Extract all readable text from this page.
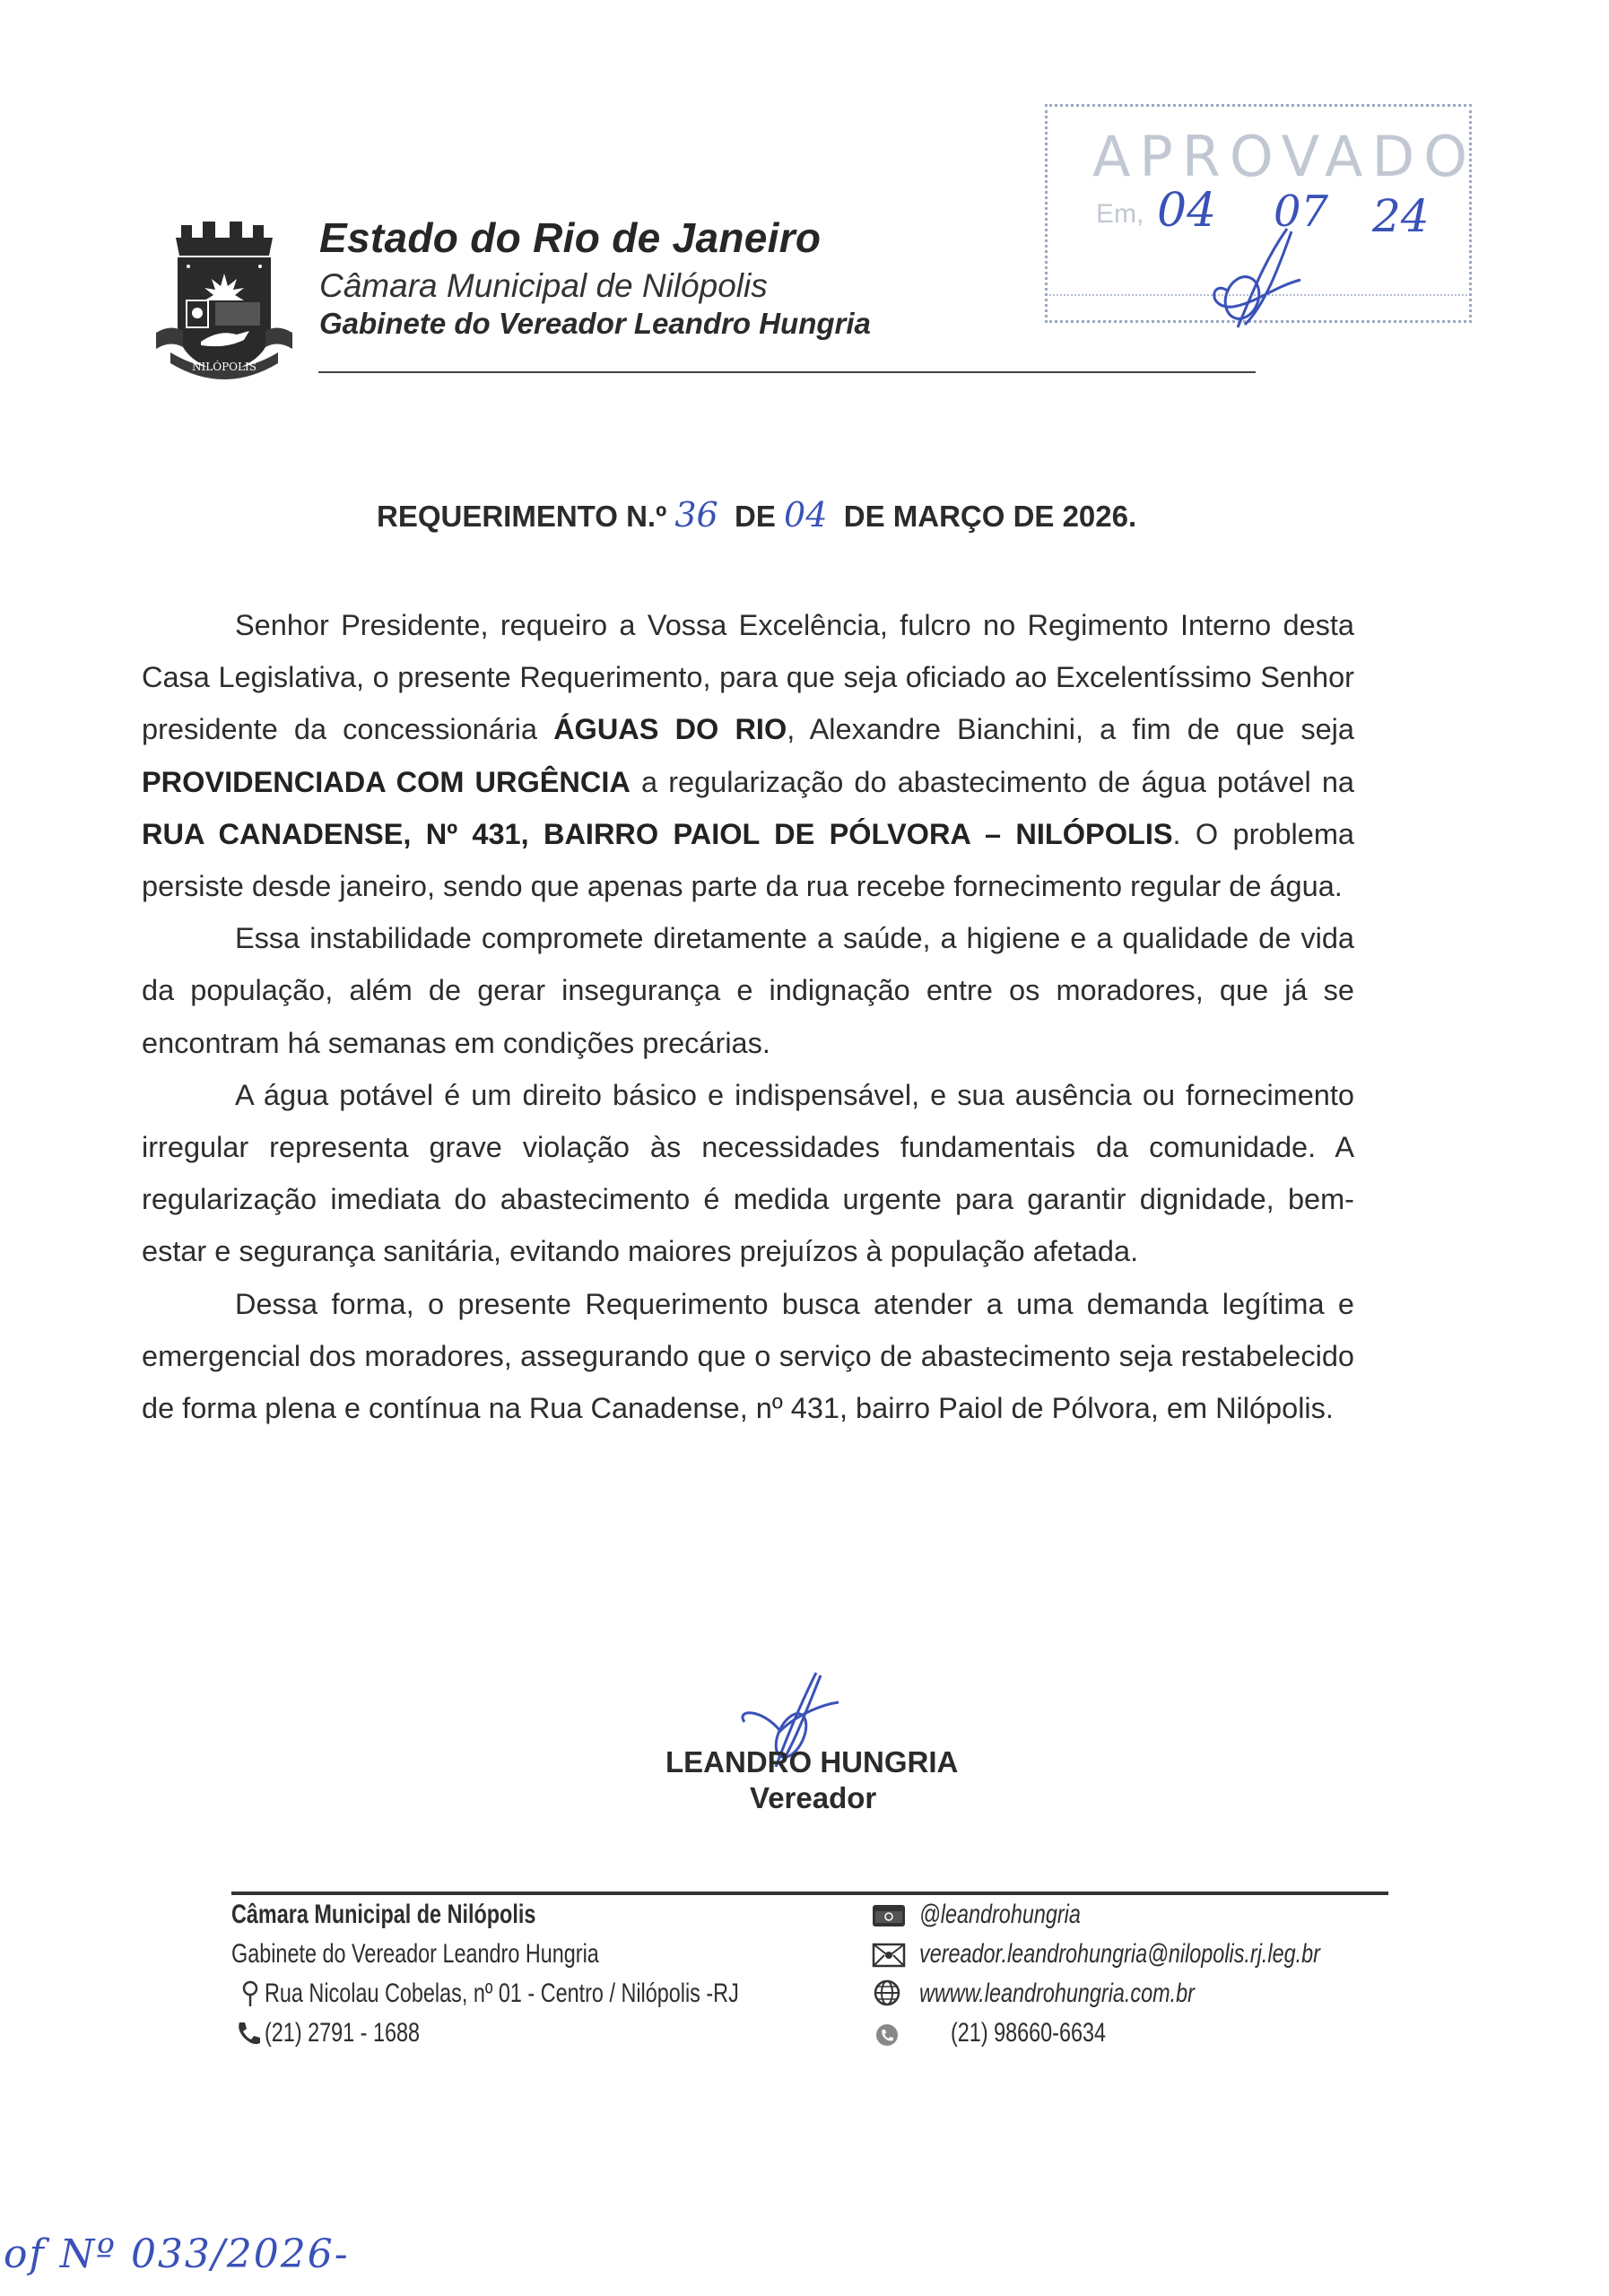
NILÓPOLIS
Estado do Rio de Janeiro
Câmara Municipal de Nilópolis
Gabinete do Vereador Leandro Hungria
APROVADO
Em, 04 07 24
REQUERIMENTO N.º 36 DE 04 DE MARÇO DE 2026.

Senhor Presidente, requeiro a Vossa Excelência, fulcro no Regimento Interno desta Casa Legislativa, o presente Requerimento, para que seja oficiado ao Excelentíssimo Senhor presidente da concessionária ÁGUAS DO RIO, Alexandre Bianchini, a fim de que seja PROVIDENCIADA COM URGÊNCIA a regularização do abastecimento de água potável na RUA CANADENSE, Nº 431, BAIRRO PAIOL DE PÓLVORA – NILÓPOLIS. O problema persiste desde janeiro, sendo que apenas parte da rua recebe fornecimento regular de água.

Essa instabilidade compromete diretamente a saúde, a higiene e a qualidade de vida da população, além de gerar insegurança e indignação entre os moradores, que já se encontram há semanas em condições precárias.

A água potável é um direito básico e indispensável, e sua ausência ou fornecimento irregular representa grave violação às necessidades fundamentais da comunidade. A regularização imediata do abastecimento é medida urgente para garantir dignidade, bem-estar e segurança sanitária, evitando maiores prejuízos à população afetada.

Dessa forma, o presente Requerimento busca atender a uma demanda legítima e emergencial dos moradores, assegurando que o serviço de abastecimento seja restabelecido de forma plena e contínua na Rua Canadense, nº 431, bairro Paiol de Pólvora, em Nilópolis.

LEANDRO HUNGRIA
Vereador
Câmara Municipal de Nilópolis
Gabinete do Vereador Leandro Hungria
Rua Nicolau Cobelas, nº 01 - Centro / Nilópolis -RJ
(21) 2791 - 1688
@leandrohungria
vereador.leandrohungria@nilopolis.rj.leg.br
wwww.leandrohungria.com.br
(21) 98660-6634
of Nº 033/2026-
